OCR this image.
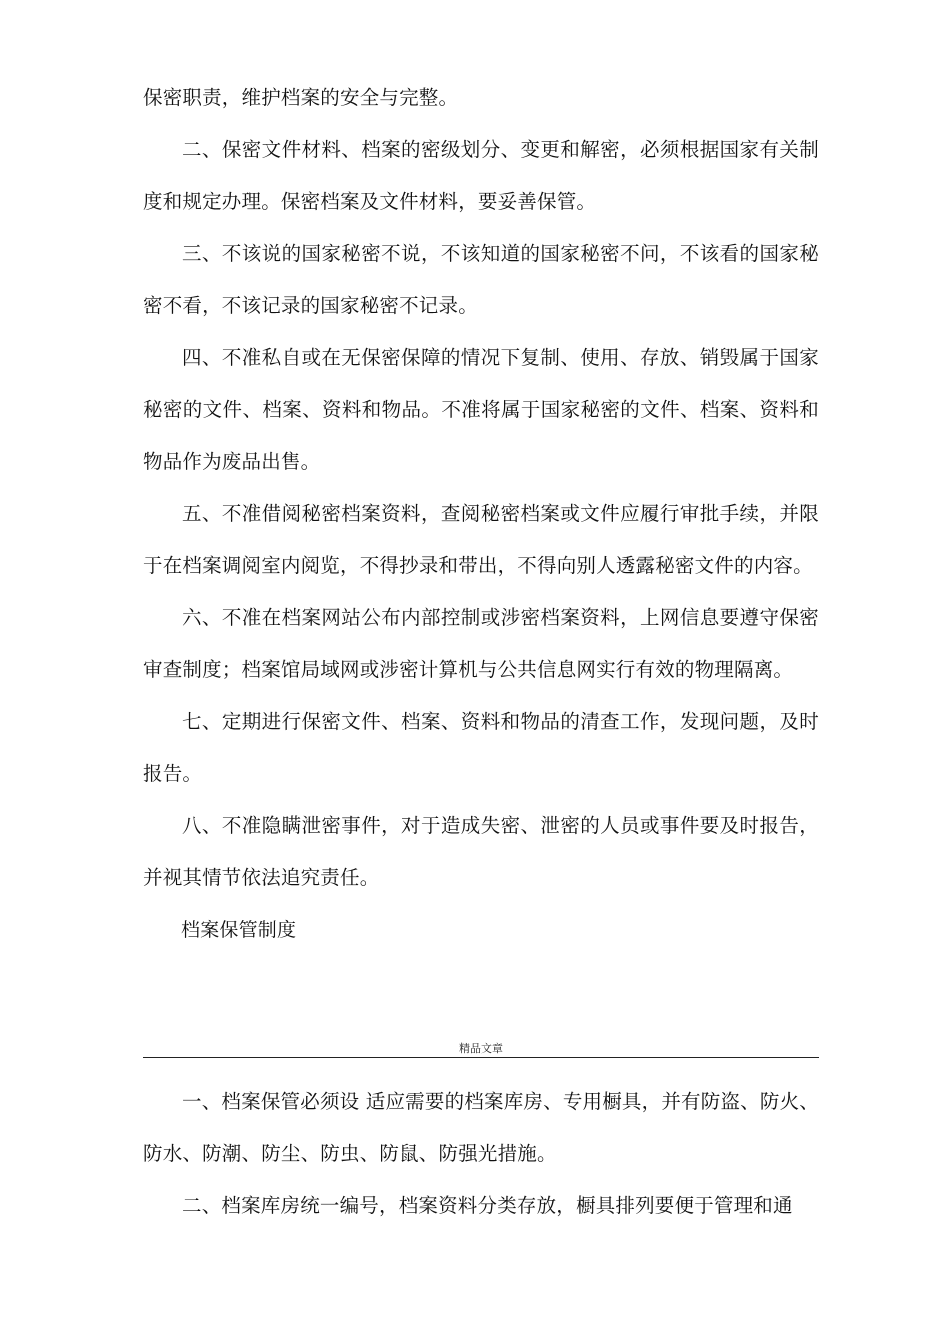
保密职责，维护档案的安全与完整。

二、保密文件材料、档案的密级划分、变更和解密，必须根据国家有关制度和规定办理。保密档案及文件材料，要妥善保管。

三、不该说的国家秘密不说，不该知道的国家秘密不问，不该看的国家秘密不看，不该记录的国家秘密不记录。

四、不准私自或在无保密保障的情况下复制、使用、存放、销毁属于国家秘密的文件、档案、资料和物品。不准将属于国家秘密的文件、档案、资料和物品作为废品出售。

五、不准借阅秘密档案资料，查阅秘密档案或文件应履行审批手续，并限于在档案调阅室内阅览，不得抄录和带出，不得向别人透露秘密文件的内容。

六、不准在档案网站公布内部控制或涉密档案资料，上网信息要遵守保密审查制度；档案馆局域网或涉密计算机与公共信息网实行有效的物理隔离。

七、定期进行保密文件、档案、资料和物品的清查工作，发现问题，及时报告。

八、不准隐瞒泄密事件，对于造成失密、泄密的人员或事件要及时报告，并视其情节依法追究责任。

档案保管制度

精品文章

一、档案保管必须设 适应需要的档案库房、专用橱具，并有防盗、防火、防水、防潮、防尘、防虫、防鼠、防强光措施。

二、档案库房统一编号，档案资料分类存放，橱具排列要便于管理和通
